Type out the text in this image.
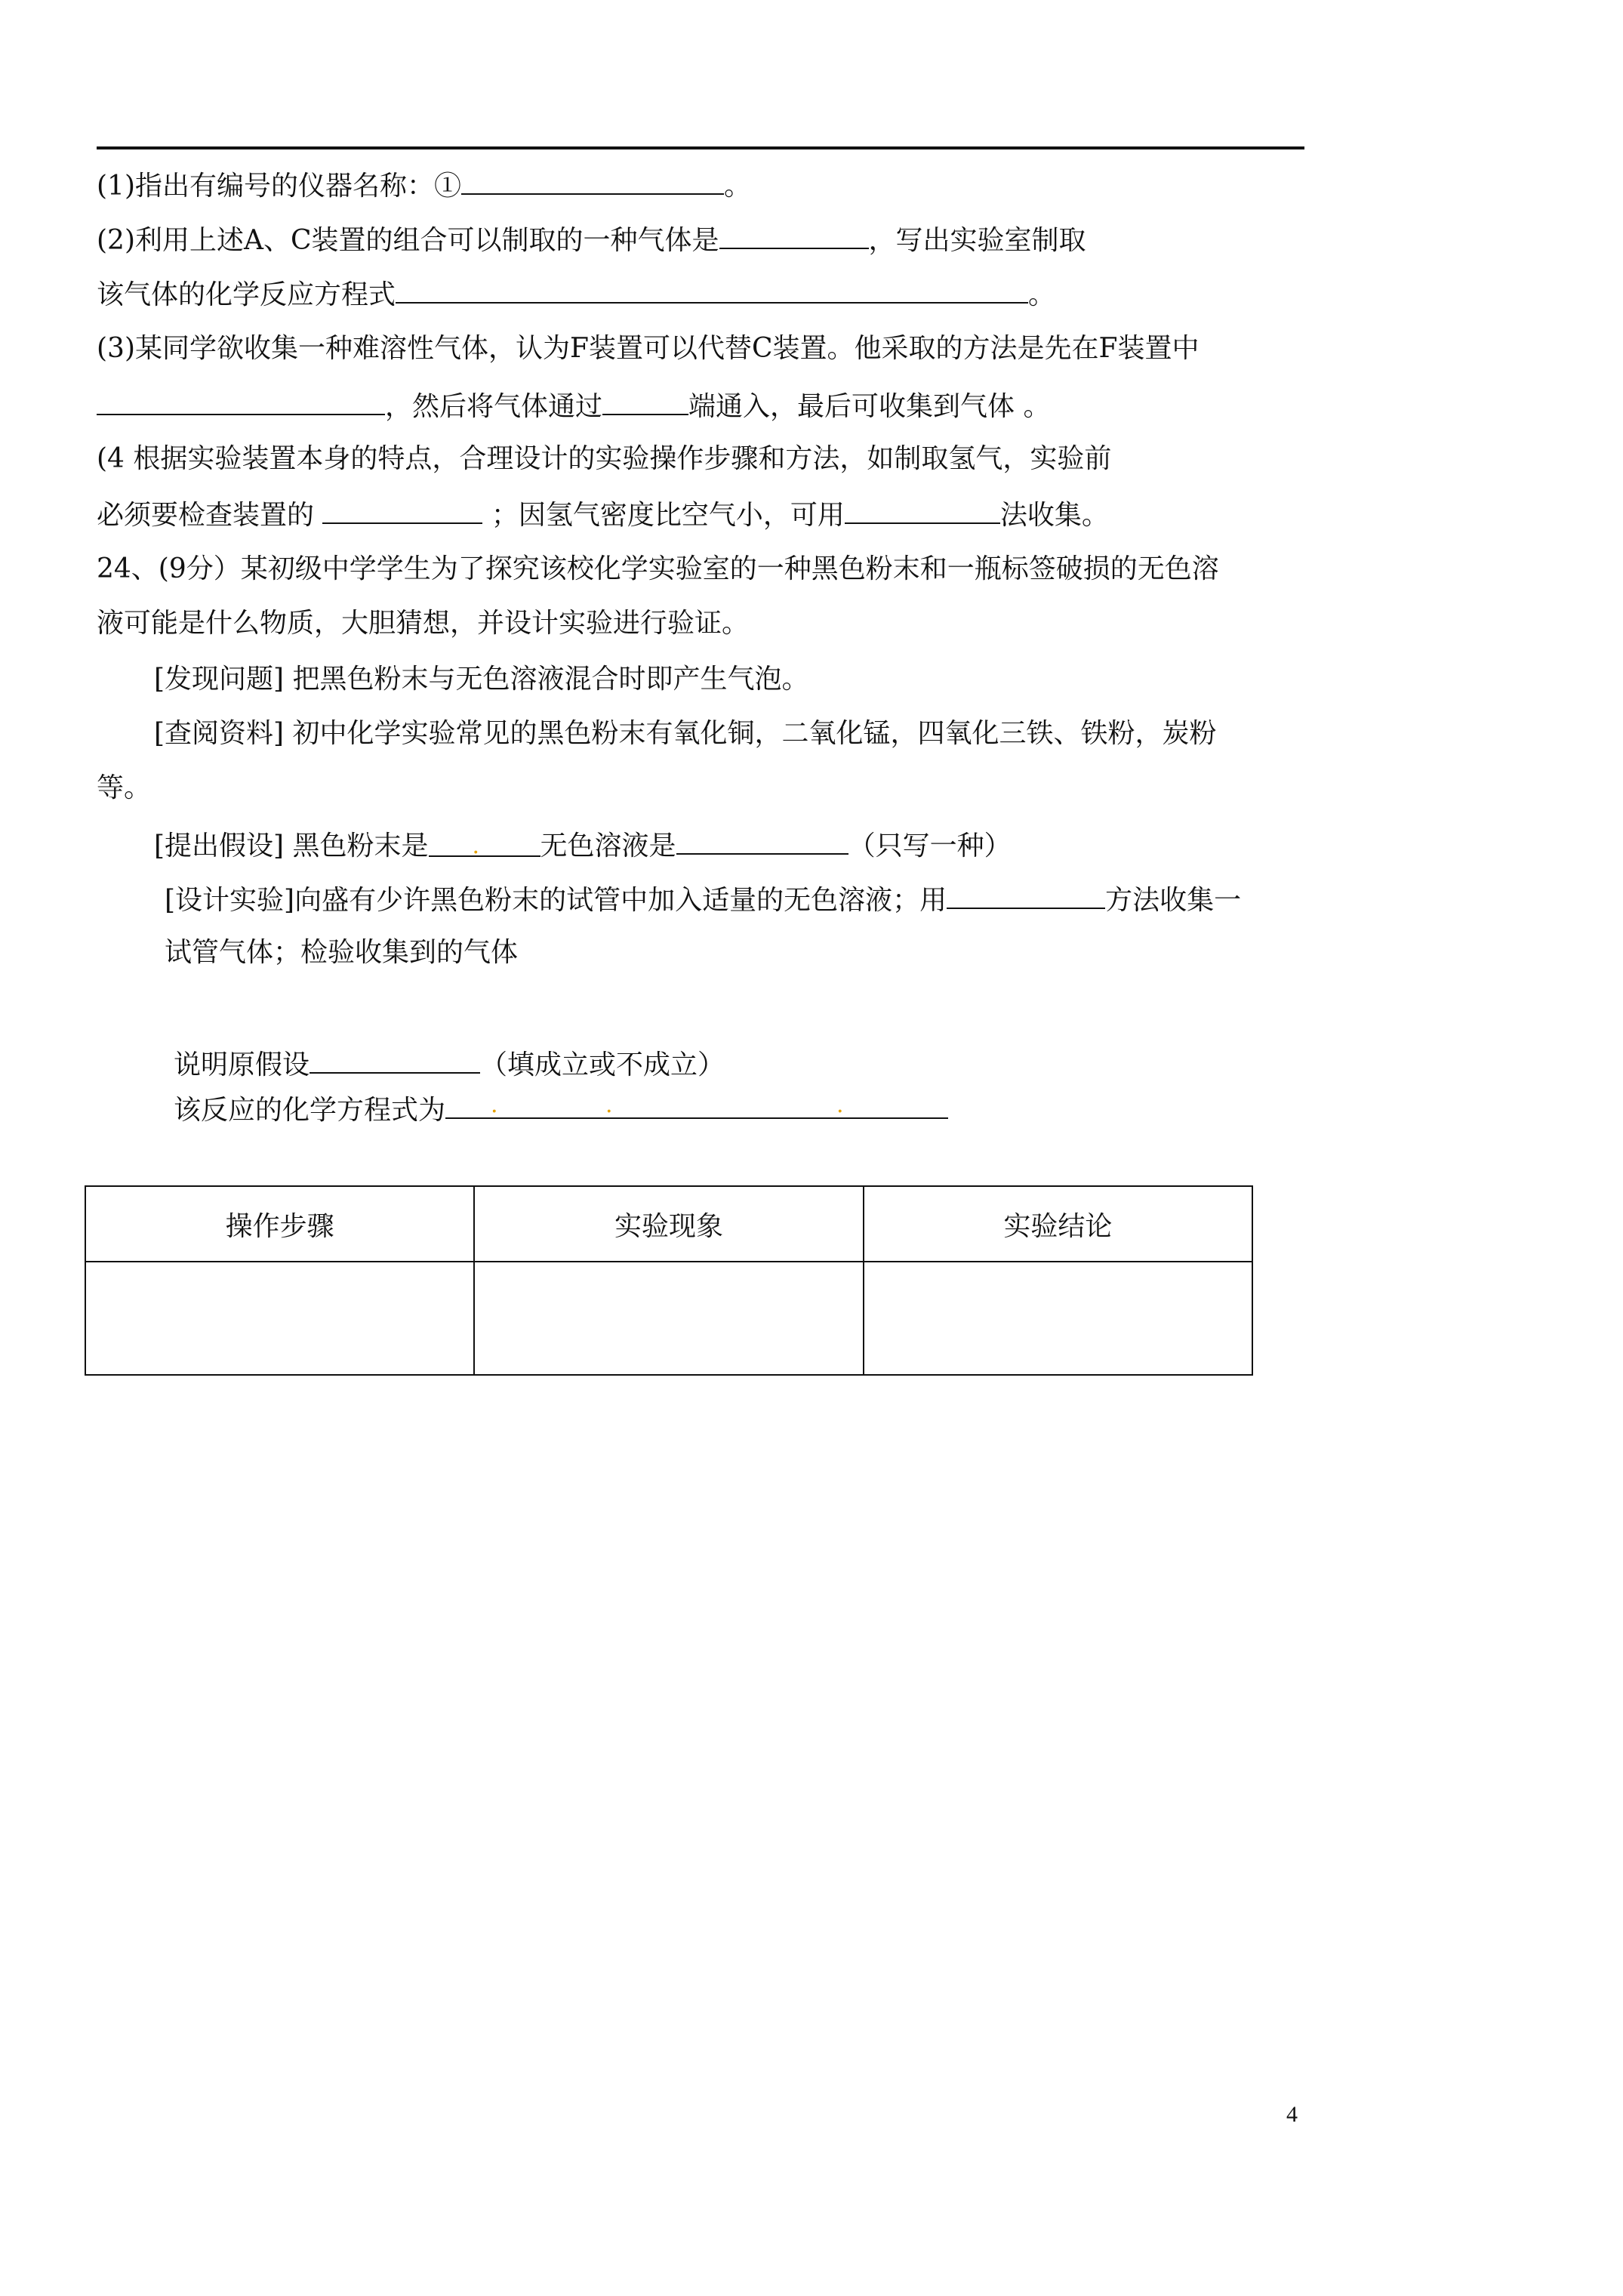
(1)指出有编号的仪器名称：①	。
(2)利用上述A、C装置的组合可以制取的一种气体是	，写出实验室制取
该气体的化学反应方程式	。
(3)某同学欲收集一种难溶性气体，认为F装置可以代替C装置。他采取的方法是先在F装置中
，然后将气体通过	端通入，最后可收集到气体 。
(4 根据实验装置本身的特点，合理设计的实验操作步骤和方法，如制取氢气，实验前
必须要检查装置的	；因氢气密度比空气小，可用	法收集。
24、(9分）某初级中学学生为了探究该校化学实验室的一种黑色粉末和一瓶标签破损的无色溶
液可能是什么物质，大胆猜想，并设计实验进行验证。
[发现问题] 把黑色粉末与无色溶液混合时即产生气泡。
[查阅资料] 初中化学实验常见的黑色粉末有氧化铜，二氧化锰，四氧化三铁、铁粉，炭粉
等。
[提出假设] 黑色粉末是 . 无色溶液是	（只写一种）
[设计实验]向盛有少许黑色粉末的试管中加入适量的无色溶液；用	方法收集一
试管气体；检验收集到的气体
说明原假设	（填成立或不成立）
该反应的化学方程式为 .	.	.
操作步骤	实验现象	实验结论

4
